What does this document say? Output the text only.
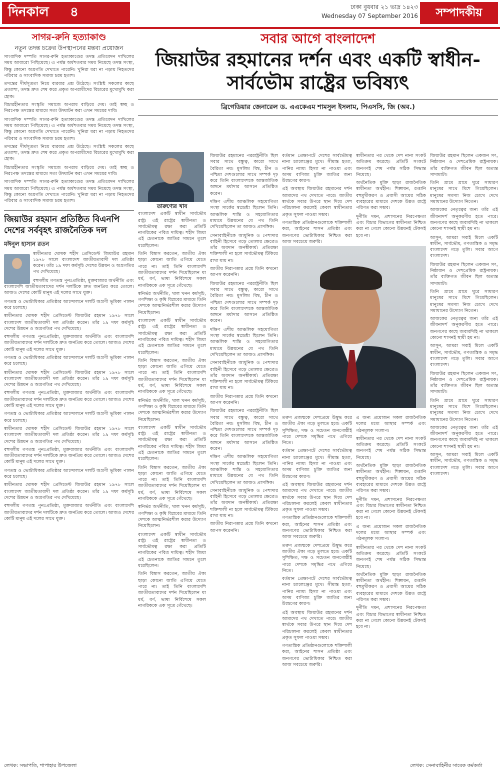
দিনকাল	৪	ঢাকা বুধবার ২১ ভাদ্র ১৪২৩
Wednesday 07 September 2016	সম্পাদকীয়
সাগর-রুনি হত্যাকাণ্ড
নতুন তদন্ত চক্রের উপস্থাপনের মন্তব্য প্রয়োজন

সাংবাদিক দম্পতি সাগর-রুনি হত্যাকাণ্ডের তদন্ত প্রতিবেদন দাখিলের সময় আবারো পিছিয়েছে। এ পর্যন্ত অর্ধশতবার সময় নিয়েছে তদন্ত সংস্থা, কিন্তু কোনো অগ্রগতি দেখাতে পারেনি। খুনিরা ধরা না পড়ায় নিহতদের পরিবার ও সাংবাদিক সমাজ চরম হতাশ।

তদন্তের দীর্ঘসূত্রতা নিয়ে বারবার প্রশ্ন উঠেছে। সংশ্লিষ্ট সকলের কাছে প্রত্যাশা, তদন্ত দ্রুত শেষ করে প্রকৃত অপরাধীদের বিচারের মুখোমুখি করা হোক।

বিচারহীনতার সংস্কৃতি সমাজে অপরাধ বাড়িয়ে দেয়। তাই স্বচ্ছ ও নিরপেক্ষ তদন্তের মাধ্যমে সত্য উদ্ঘাটন করা এখন সময়ের দাবি।

সাংবাদিক দম্পতি সাগর-রুনি হত্যাকাণ্ডের তদন্ত প্রতিবেদন দাখিলের সময় আবারো পিছিয়েছে। এ পর্যন্ত অর্ধশতবার সময় নিয়েছে তদন্ত সংস্থা, কিন্তু কোনো অগ্রগতি দেখাতে পারেনি। খুনিরা ধরা না পড়ায় নিহতদের পরিবার ও সাংবাদিক সমাজ চরম হতাশ।

তদন্তের দীর্ঘসূত্রতা নিয়ে বারবার প্রশ্ন উঠেছে। সংশ্লিষ্ট সকলের কাছে প্রত্যাশা, তদন্ত দ্রুত শেষ করে প্রকৃত অপরাধীদের বিচারের মুখোমুখি করা হোক।

বিচারহীনতার সংস্কৃতি সমাজে অপরাধ বাড়িয়ে দেয়। তাই স্বচ্ছ ও নিরপেক্ষ তদন্তের মাধ্যমে সত্য উদ্ঘাটন করা এখন সময়ের দাবি।

সাংবাদিক দম্পতি সাগর-রুনি হত্যাকাণ্ডের তদন্ত প্রতিবেদন দাখিলের সময় আবারো পিছিয়েছে। এ পর্যন্ত অর্ধশতবার সময় নিয়েছে তদন্ত সংস্থা, কিন্তু কোনো অগ্রগতি দেখাতে পারেনি। খুনিরা ধরা না পড়ায় নিহতদের পরিবার ও সাংবাদিক সমাজ চরম হতাশ।

জিয়াউর রহমান প্রতিষ্ঠিত বিএনপি দেশের সর্ববৃহৎ রাজনৈতিক দল
মঈনুল হাসান রতন

স্বাধীনতার ঘোষক শহীদ প্রেসিডেন্ট জিয়াউর রহমান ১৯৭৮ সালে বাংলাদেশ জাতীয়তাবাদী দল প্রতিষ্ঠা করেন। তাঁর ১৯ দফা কর্মসূচি দেশের উন্নয়ন ও অগ্রগতির পথ দেখিয়েছে।

বহুদলীয় গণতন্ত্র পুনঃপ্রতিষ্ঠা, মুক্তবাজার অর্থনীতি এবং বাংলাদেশি জাতীয়তাবাদের দর্শন দলটিকে দ্রুত জনপ্রিয় করে তোলে। আজও দেশের কোটি মানুষ এই দলের সাথে যুক্ত।

গণতন্ত্র ও ভোটাধিকার প্রতিষ্ঠার আন্দোলনে দলটি অগ্রণী ভূমিকা পালন করে চলেছে।

স্বাধীনতার ঘোষক শহীদ প্রেসিডেন্ট জিয়াউর রহমান ১৯৭৮ সালে বাংলাদেশ জাতীয়তাবাদী দল প্রতিষ্ঠা করেন। তাঁর ১৯ দফা কর্মসূচি দেশের উন্নয়ন ও অগ্রগতির পথ দেখিয়েছে।

বহুদলীয় গণতন্ত্র পুনঃপ্রতিষ্ঠা, মুক্তবাজার অর্থনীতি এবং বাংলাদেশি জাতীয়তাবাদের দর্শন দলটিকে দ্রুত জনপ্রিয় করে তোলে। আজও দেশের কোটি মানুষ এই দলের সাথে যুক্ত।

গণতন্ত্র ও ভোটাধিকার প্রতিষ্ঠার আন্দোলনে দলটি অগ্রণী ভূমিকা পালন করে চলেছে।

স্বাধীনতার ঘোষক শহীদ প্রেসিডেন্ট জিয়াউর রহমান ১৯৭৮ সালে বাংলাদেশ জাতীয়তাবাদী দল প্রতিষ্ঠা করেন। তাঁর ১৯ দফা কর্মসূচি দেশের উন্নয়ন ও অগ্রগতির পথ দেখিয়েছে।

বহুদলীয় গণতন্ত্র পুনঃপ্রতিষ্ঠা, মুক্তবাজার অর্থনীতি এবং বাংলাদেশি জাতীয়তাবাদের দর্শন দলটিকে দ্রুত জনপ্রিয় করে তোলে। আজও দেশের কোটি মানুষ এই দলের সাথে যুক্ত।

গণতন্ত্র ও ভোটাধিকার প্রতিষ্ঠার আন্দোলনে দলটি অগ্রণী ভূমিকা পালন করে চলেছে।

স্বাধীনতার ঘোষক শহীদ প্রেসিডেন্ট জিয়াউর রহমান ১৯৭৮ সালে বাংলাদেশ জাতীয়তাবাদী দল প্রতিষ্ঠা করেন। তাঁর ১৯ দফা কর্মসূচি দেশের উন্নয়ন ও অগ্রগতির পথ দেখিয়েছে।

বহুদলীয় গণতন্ত্র পুনঃপ্রতিষ্ঠা, মুক্তবাজার অর্থনীতি এবং বাংলাদেশি জাতীয়তাবাদের দর্শন দলটিকে দ্রুত জনপ্রিয় করে তোলে। আজও দেশের কোটি মানুষ এই দলের সাথে যুক্ত।

গণতন্ত্র ও ভোটাধিকার প্রতিষ্ঠার আন্দোলনে দলটি অগ্রণী ভূমিকা পালন করে চলেছে।

স্বাধীনতার ঘোষক শহীদ প্রেসিডেন্ট জিয়াউর রহমান ১৯৭৮ সালে বাংলাদেশ জাতীয়তাবাদী দল প্রতিষ্ঠা করেন। তাঁর ১৯ দফা কর্মসূচি দেশের উন্নয়ন ও অগ্রগতির পথ দেখিয়েছে।

বহুদলীয় গণতন্ত্র পুনঃপ্রতিষ্ঠা, মুক্তবাজার অর্থনীতি এবং বাংলাদেশি জাতীয়তাবাদের দর্শন দলটিকে দ্রুত জনপ্রিয় করে তোলে। আজও দেশের কোটি মানুষ এই দলের সাথে যুক্ত।

লেখক: সভাপতি, শাপাহার উপজেলা
সবার আগে বাংলাদেশ
জিয়াউর রহমানের দর্শন এবং একটি স্বাধীন-সার্বভৌম রাষ্ট্রের ভবিষ্যৎ
ব্রিগেডিয়ার জেনারেল ড. এএকেএম শামসুল ইসলাম, পিএসসি, জি (অব.)
তারুণ্যের খাব

বাংলাদেশ একটি স্বাধীন সার্বভৌম রাষ্ট্র। এই রাষ্ট্রের স্বাধীনতা ও সার্বভৌমত্ব রক্ষা করা প্রতিটি নাগরিকের পবিত্র দায়িত্ব। শহীদ জিয়া এই চেতনাকে জাতির সামনে তুলে ধরেছিলেন।

তিনি বিশ্বাস করতেন, জাতীয় ঐক্য ছাড়া কোনো জাতি এগিয়ে যেতে পারে না। তাই তিনি বাংলাদেশি জাতীয়তাবাদের দর্শন দিয়েছিলেন যা ধর্ম, বর্ণ, ভাষা নির্বিশেষে সকল নাগরিককে এক সূত্রে গেঁথেছে।

স্বনির্ভর অর্থনীতি, খাল খনন কর্মসূচি, গণশিক্ষা ও কৃষি বিপ্লবের মাধ্যমে তিনি দেশকে আত্মনির্ভরশীল করার উদ্যোগ নিয়েছিলেন।

বাংলাদেশ একটি স্বাধীন সার্বভৌম রাষ্ট্র। এই রাষ্ট্রের স্বাধীনতা ও সার্বভৌমত্ব রক্ষা করা প্রতিটি নাগরিকের পবিত্র দায়িত্ব। শহীদ জিয়া এই চেতনাকে জাতির সামনে তুলে ধরেছিলেন।

তিনি বিশ্বাস করতেন, জাতীয় ঐক্য ছাড়া কোনো জাতি এগিয়ে যেতে পারে না। তাই তিনি বাংলাদেশি জাতীয়তাবাদের দর্শন দিয়েছিলেন যা ধর্ম, বর্ণ, ভাষা নির্বিশেষে সকল নাগরিককে এক সূত্রে গেঁথেছে।

স্বনির্ভর অর্থনীতি, খাল খনন কর্মসূচি, গণশিক্ষা ও কৃষি বিপ্লবের মাধ্যমে তিনি দেশকে আত্মনির্ভরশীল করার উদ্যোগ নিয়েছিলেন।

বাংলাদেশ একটি স্বাধীন সার্বভৌম রাষ্ট্র। এই রাষ্ট্রের স্বাধীনতা ও সার্বভৌমত্ব রক্ষা করা প্রতিটি নাগরিকের পবিত্র দায়িত্ব। শহীদ জিয়া এই চেতনাকে জাতির সামনে তুলে ধরেছিলেন।

তিনি বিশ্বাস করতেন, জাতীয় ঐক্য ছাড়া কোনো জাতি এগিয়ে যেতে পারে না। তাই তিনি বাংলাদেশি জাতীয়তাবাদের দর্শন দিয়েছিলেন যা ধর্ম, বর্ণ, ভাষা নির্বিশেষে সকল নাগরিককে এক সূত্রে গেঁথেছে।

স্বনির্ভর অর্থনীতি, খাল খনন কর্মসূচি, গণশিক্ষা ও কৃষি বিপ্লবের মাধ্যমে তিনি দেশকে আত্মনির্ভরশীল করার উদ্যোগ নিয়েছিলেন।

বাংলাদেশ একটি স্বাধীন সার্বভৌম রাষ্ট্র। এই রাষ্ট্রের স্বাধীনতা ও সার্বভৌমত্ব রক্ষা করা প্রতিটি নাগরিকের পবিত্র দায়িত্ব। শহীদ জিয়া এই চেতনাকে জাতির সামনে তুলে ধরেছিলেন।

তিনি বিশ্বাস করতেন, জাতীয় ঐক্য ছাড়া কোনো জাতি এগিয়ে যেতে পারে না। তাই তিনি বাংলাদেশি জাতীয়তাবাদের দর্শন দিয়েছিলেন যা ধর্ম, বর্ণ, ভাষা নির্বিশেষে সকল নাগরিককে এক সূত্রে গেঁথেছে।

জিয়াউর রহমানের পররাষ্ট্রনীতি ছিল সবার সাথে বন্ধুত্ব, কারো সাথে বৈরিতা নয়। মুসলিম বিশ্ব, চীন ও পশ্চিমা দেশগুলোর সাথে সম্পর্ক দৃঢ় করে তিনি বাংলাদেশকে আন্তর্জাতিক অঙ্গনে মর্যাদার আসনে প্রতিষ্ঠিত করেন।

দক্ষিণ এশীয় আঞ্চলিক সহযোগিতা সংস্থা সার্কের স্বপ্নদ্রষ্টা ছিলেন তিনি। আঞ্চলিক শান্তি ও সহযোগিতার মাধ্যমে উন্নয়নের যে পথ তিনি দেখিয়েছিলেন তা আজও প্রাসঙ্গিক।

সেনাবাহিনীকে আধুনিক ও পেশাদার বাহিনী হিসেবে গড়ে তোলার ক্ষেত্রেও তাঁর অবদান অনস্বীকার্য। প্রতিরক্ষা শক্তিশালী না হলে সার্বভৌমত্ব টিকিয়ে রাখা যায় না।

জাতীয় নিরাপত্তার প্রশ্নে তিনি কখনো আপস করেননি।

জিয়াউর রহমানের পররাষ্ট্রনীতি ছিল সবার সাথে বন্ধুত্ব, কারো সাথে বৈরিতা নয়। মুসলিম বিশ্ব, চীন ও পশ্চিমা দেশগুলোর সাথে সম্পর্ক দৃঢ় করে তিনি বাংলাদেশকে আন্তর্জাতিক অঙ্গনে মর্যাদার আসনে প্রতিষ্ঠিত করেন।

দক্ষিণ এশীয় আঞ্চলিক সহযোগিতা সংস্থা সার্কের স্বপ্নদ্রষ্টা ছিলেন তিনি। আঞ্চলিক শান্তি ও সহযোগিতার মাধ্যমে উন্নয়নের যে পথ তিনি দেখিয়েছিলেন তা আজও প্রাসঙ্গিক।

সেনাবাহিনীকে আধুনিক ও পেশাদার বাহিনী হিসেবে গড়ে তোলার ক্ষেত্রেও তাঁর অবদান অনস্বীকার্য। প্রতিরক্ষা শক্তিশালী না হলে সার্বভৌমত্ব টিকিয়ে রাখা যায় না।

জাতীয় নিরাপত্তার প্রশ্নে তিনি কখনো আপস করেননি।

জিয়াউর রহমানের পররাষ্ট্রনীতি ছিল সবার সাথে বন্ধুত্ব, কারো সাথে বৈরিতা নয়। মুসলিম বিশ্ব, চীন ও পশ্চিমা দেশগুলোর সাথে সম্পর্ক দৃঢ় করে তিনি বাংলাদেশকে আন্তর্জাতিক অঙ্গনে মর্যাদার আসনে প্রতিষ্ঠিত করেন।

দক্ষিণ এশীয় আঞ্চলিক সহযোগিতা সংস্থা সার্কের স্বপ্নদ্রষ্টা ছিলেন তিনি। আঞ্চলিক শান্তি ও সহযোগিতার মাধ্যমে উন্নয়নের যে পথ তিনি দেখিয়েছিলেন তা আজও প্রাসঙ্গিক।

সেনাবাহিনীকে আধুনিক ও পেশাদার বাহিনী হিসেবে গড়ে তোলার ক্ষেত্রেও তাঁর অবদান অনস্বীকার্য। প্রতিরক্ষা শক্তিশালী না হলে সার্বভৌমত্ব টিকিয়ে রাখা যায় না।

জাতীয় নিরাপত্তার প্রশ্নে তিনি কখনো আপস করেননি।

বর্তমান প্রেক্ষাপটে দেশের সার্বভৌমত্ব নানা চ্যালেঞ্জের মুখে। সীমান্ত হত্যা, পানির ন্যায্য হিস্যা না পাওয়া এবং অসম বাণিজ্য চুক্তি জাতির জন্য উদ্বেগের কারণ।

এই অবস্থায় জিয়াউর রহমানের দর্শন আমাদের পথ দেখাতে পারে। জাতীয় স্বার্থকে সবার উপরে স্থান দিয়ে দেশ পরিচালনা করলেই কেবল স্বাধীনতার প্রকৃত সুফল পাওয়া সম্ভব।

গণতান্ত্রিক প্রতিষ্ঠানগুলোকে শক্তিশালী করা, আইনের শাসন প্রতিষ্ঠা এবং জনগণের ভোটাধিকার নিশ্চিত করা আজ সবচেয়ে জরুরি।

তরুণ প্রজন্মকে দেশপ্রেমে উদ্বুদ্ধ করে জাতীয় ঐক্য গড়ে তুলতে হবে। একটি সুশিক্ষিত, দক্ষ ও সচেতন জনগোষ্ঠীই পারে দেশকে সমৃদ্ধির পথে এগিয়ে নিতে।

বর্তমান প্রেক্ষাপটে দেশের সার্বভৌমত্ব নানা চ্যালেঞ্জের মুখে। সীমান্ত হত্যা, পানির ন্যায্য হিস্যা না পাওয়া এবং অসম বাণিজ্য চুক্তি জাতির জন্য উদ্বেগের কারণ।

এই অবস্থায় জিয়াউর রহমানের দর্শন আমাদের পথ দেখাতে পারে। জাতীয় স্বার্থকে সবার উপরে স্থান দিয়ে দেশ পরিচালনা করলেই কেবল স্বাধীনতার প্রকৃত সুফল পাওয়া সম্ভব।

গণতান্ত্রিক প্রতিষ্ঠানগুলোকে শক্তিশালী করা, আইনের শাসন প্রতিষ্ঠা এবং জনগণের ভোটাধিকার নিশ্চিত করা আজ সবচেয়ে জরুরি।

তরুণ প্রজন্মকে দেশপ্রেমে উদ্বুদ্ধ করে জাতীয় ঐক্য গড়ে তুলতে হবে। একটি সুশিক্ষিত, দক্ষ ও সচেতন জনগোষ্ঠীই পারে দেশকে সমৃদ্ধির পথে এগিয়ে নিতে।

বর্তমান প্রেক্ষাপটে দেশের সার্বভৌমত্ব নানা চ্যালেঞ্জের মুখে। সীমান্ত হত্যা, পানির ন্যায্য হিস্যা না পাওয়া এবং অসম বাণিজ্য চুক্তি জাতির জন্য উদ্বেগের কারণ।

এই অবস্থায় জিয়াউর রহমানের দর্শন আমাদের পথ দেখাতে পারে। জাতীয় স্বার্থকে সবার উপরে স্থান দিয়ে দেশ পরিচালনা করলেই কেবল স্বাধীনতার প্রকৃত সুফল পাওয়া সম্ভব।

গণতান্ত্রিক প্রতিষ্ঠানগুলোকে শক্তিশালী করা, আইনের শাসন প্রতিষ্ঠা এবং জনগণের ভোটাধিকার নিশ্চিত করা আজ সবচেয়ে জরুরি।

স্বাধীনতার পর থেকে দেশ নানা সংকট অতিক্রম করেছে। প্রতিটি সংকটে জনগণই শেষ পর্যন্ত সঠিক সিদ্ধান্ত নিয়েছে।

অর্থনৈতিক মুক্তি ছাড়া রাজনৈতিক স্বাধীনতা অর্থহীন। শিল্পায়ন, রপ্তানি বহুমুখীকরণ ও প্রবাসী আয়ের সঠিক ব্যবহারের মাধ্যমে দেশকে উন্নত রাষ্ট্রে পরিণত করা সম্ভব।

দুর্নীতি দমন, প্রশাসনের নিরপেক্ষতা এবং বিচার বিভাগের স্বাধীনতা নিশ্চিত করা না গেলে কোনো উন্নয়নই টেকসই হবে না।

এ জন্য প্রয়োজন সকল রাজনৈতিক দলের মধ্যে আস্থার সম্পর্ক এবং গঠনমূলক সংলাপ।

স্বাধীনতার পর থেকে দেশ নানা সংকট অতিক্রম করেছে। প্রতিটি সংকটে জনগণই শেষ পর্যন্ত সঠিক সিদ্ধান্ত নিয়েছে।

অর্থনৈতিক মুক্তি ছাড়া রাজনৈতিক স্বাধীনতা অর্থহীন। শিল্পায়ন, রপ্তানি বহুমুখীকরণ ও প্রবাসী আয়ের সঠিক ব্যবহারের মাধ্যমে দেশকে উন্নত রাষ্ট্রে পরিণত করা সম্ভব।

দুর্নীতি দমন, প্রশাসনের নিরপেক্ষতা এবং বিচার বিভাগের স্বাধীনতা নিশ্চিত করা না গেলে কোনো উন্নয়নই টেকসই হবে না।

এ জন্য প্রয়োজন সকল রাজনৈতিক দলের মধ্যে আস্থার সম্পর্ক এবং গঠনমূলক সংলাপ।

স্বাধীনতার পর থেকে দেশ নানা সংকট অতিক্রম করেছে। প্রতিটি সংকটে জনগণই শেষ পর্যন্ত সঠিক সিদ্ধান্ত নিয়েছে।

অর্থনৈতিক মুক্তি ছাড়া রাজনৈতিক স্বাধীনতা অর্থহীন। শিল্পায়ন, রপ্তানি বহুমুখীকরণ ও প্রবাসী আয়ের সঠিক ব্যবহারের মাধ্যমে দেশকে উন্নত রাষ্ট্রে পরিণত করা সম্ভব।

দুর্নীতি দমন, প্রশাসনের নিরপেক্ষতা এবং বিচার বিভাগের স্বাধীনতা নিশ্চিত করা না গেলে কোনো উন্নয়নই টেকসই হবে না।

জিয়াউর রহমান ছিলেন একজন সৎ, নিষ্ঠাবান ও দেশপ্রেমিক রাষ্ট্রনায়ক। তাঁর ব্যক্তিগত জীবন ছিল অত্যন্ত সাদামাটা।

তিনি গ্রামে গ্রামে ঘুরে সাধারণ মানুষের সাথে মিশে গিয়েছিলেন। মানুষের সমস্যা নিজ চোখে দেখে সমাধানের উদ্যোগ নিতেন।

আজকের নেতৃত্বের জন্য তাঁর এই জীবনাদর্শ অনুকরণীয় হতে পারে। জনগণের কাছে জবাবদিহি না থাকলে কোনো শাসনই স্থায়ী হয় না।

আসুন, আমরা সবাই মিলে একটি স্বাধীন, সার্বভৌম, গণতান্ত্রিক ও সমৃদ্ধ বাংলাদেশ গড়ে তুলি। সবার আগে বাংলাদেশ।

জিয়াউর রহমান ছিলেন একজন সৎ, নিষ্ঠাবান ও দেশপ্রেমিক রাষ্ট্রনায়ক। তাঁর ব্যক্তিগত জীবন ছিল অত্যন্ত সাদামাটা।

তিনি গ্রামে গ্রামে ঘুরে সাধারণ মানুষের সাথে মিশে গিয়েছিলেন। মানুষের সমস্যা নিজ চোখে দেখে সমাধানের উদ্যোগ নিতেন।

আজকের নেতৃত্বের জন্য তাঁর এই জীবনাদর্শ অনুকরণীয় হতে পারে। জনগণের কাছে জবাবদিহি না থাকলে কোনো শাসনই স্থায়ী হয় না।

আসুন, আমরা সবাই মিলে একটি স্বাধীন, সার্বভৌম, গণতান্ত্রিক ও সমৃদ্ধ বাংলাদেশ গড়ে তুলি। সবার আগে বাংলাদেশ।

জিয়াউর রহমান ছিলেন একজন সৎ, নিষ্ঠাবান ও দেশপ্রেমিক রাষ্ট্রনায়ক। তাঁর ব্যক্তিগত জীবন ছিল অত্যন্ত সাদামাটা।

তিনি গ্রামে গ্রামে ঘুরে সাধারণ মানুষের সাথে মিশে গিয়েছিলেন। মানুষের সমস্যা নিজ চোখে দেখে সমাধানের উদ্যোগ নিতেন।

আজকের নেতৃত্বের জন্য তাঁর এই জীবনাদর্শ অনুকরণীয় হতে পারে। জনগণের কাছে জবাবদিহি না থাকলে কোনো শাসনই স্থায়ী হয় না।

আসুন, আমরা সবাই মিলে একটি স্বাধীন, সার্বভৌম, গণতান্ত্রিক ও সমৃদ্ধ বাংলাদেশ গড়ে তুলি। সবার আগে বাংলাদেশ।

লেখক: সেনাবাহিনীর সাবেক কর্মকর্তা
